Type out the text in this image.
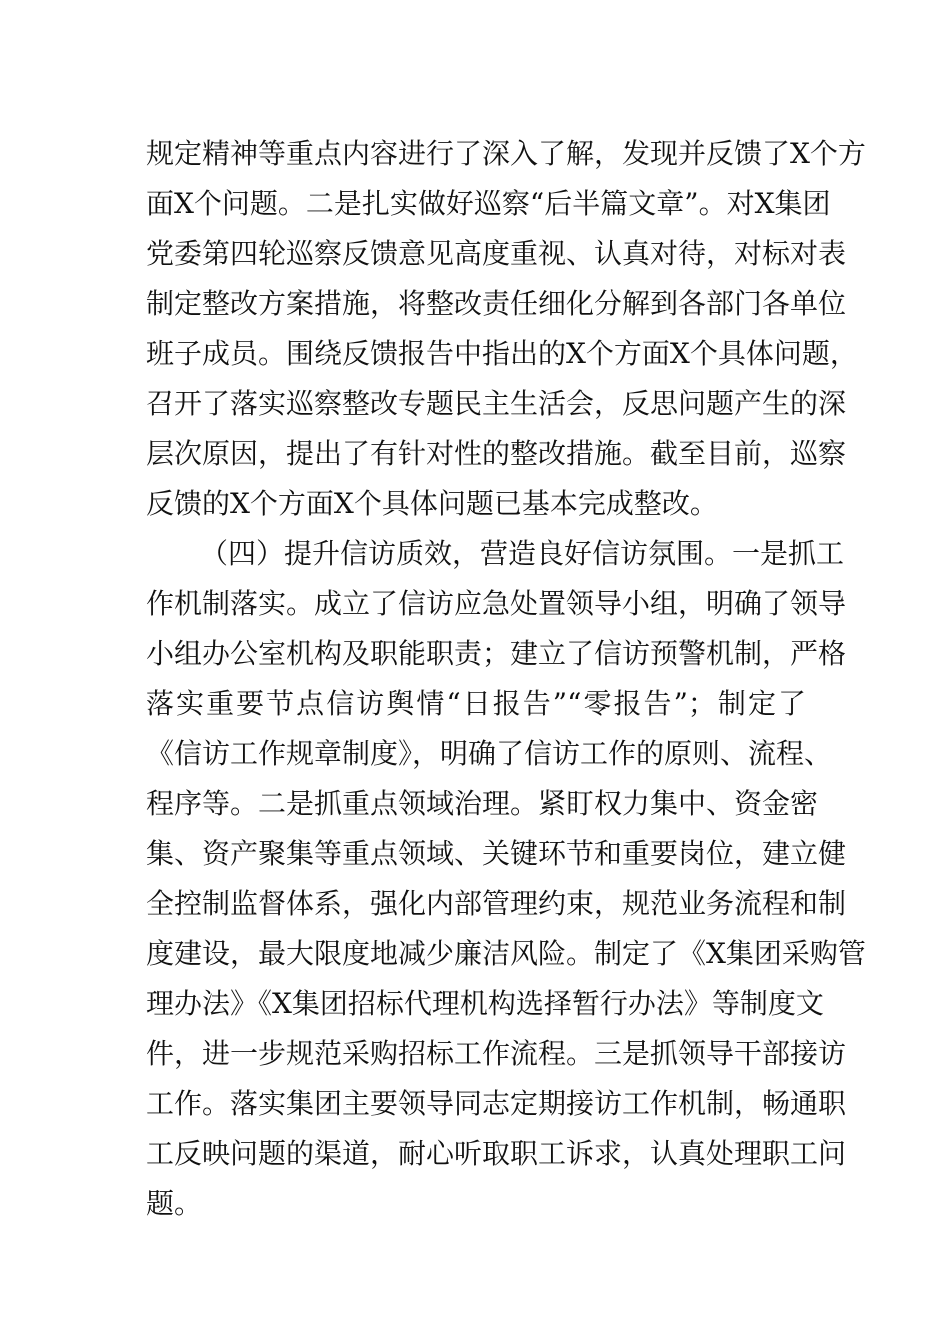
规定精神等重点内容进行了深入了解，发现并反馈了X个方
面X个问题。二是扎实做好巡察“后半篇文章”。对X集团
党委第四轮巡察反馈意见高度重视、认真对待，对标对表
制定整改方案措施，将整改责任细化分解到各部门各单位
班子成员。围绕反馈报告中指出的X个方面X个具体问题，
召开了落实巡察整改专题民主生活会，反思问题产生的深
层次原因，提出了有针对性的整改措施。截至目前，巡察
反馈的X个方面X个具体问题已基本完成整改。
（四）提升信访质效，营造良好信访氛围。一是抓工
作机制落实。成立了信访应急处置领导小组，明确了领导
小组办公室机构及职能职责；建立了信访预警机制，严格
落实重要节点信访舆情“日报告”“零报告”；制定了
《信访工作规章制度》，明确了信访工作的原则、流程、
程序等。二是抓重点领域治理。紧盯权力集中、资金密
集、资产聚集等重点领域、关键环节和重要岗位，建立健
全控制监督体系，强化内部管理约束，规范业务流程和制
度建设，最大限度地减少廉洁风险。制定了《X集团采购管
理办法》《X集团招标代理机构选择暂行办法》等制度文
件，进一步规范采购招标工作流程。三是抓领导干部接访
工作。落实集团主要领导同志定期接访工作机制，畅通职
工反映问题的渠道，耐心听取职工诉求，认真处理职工问
题。
